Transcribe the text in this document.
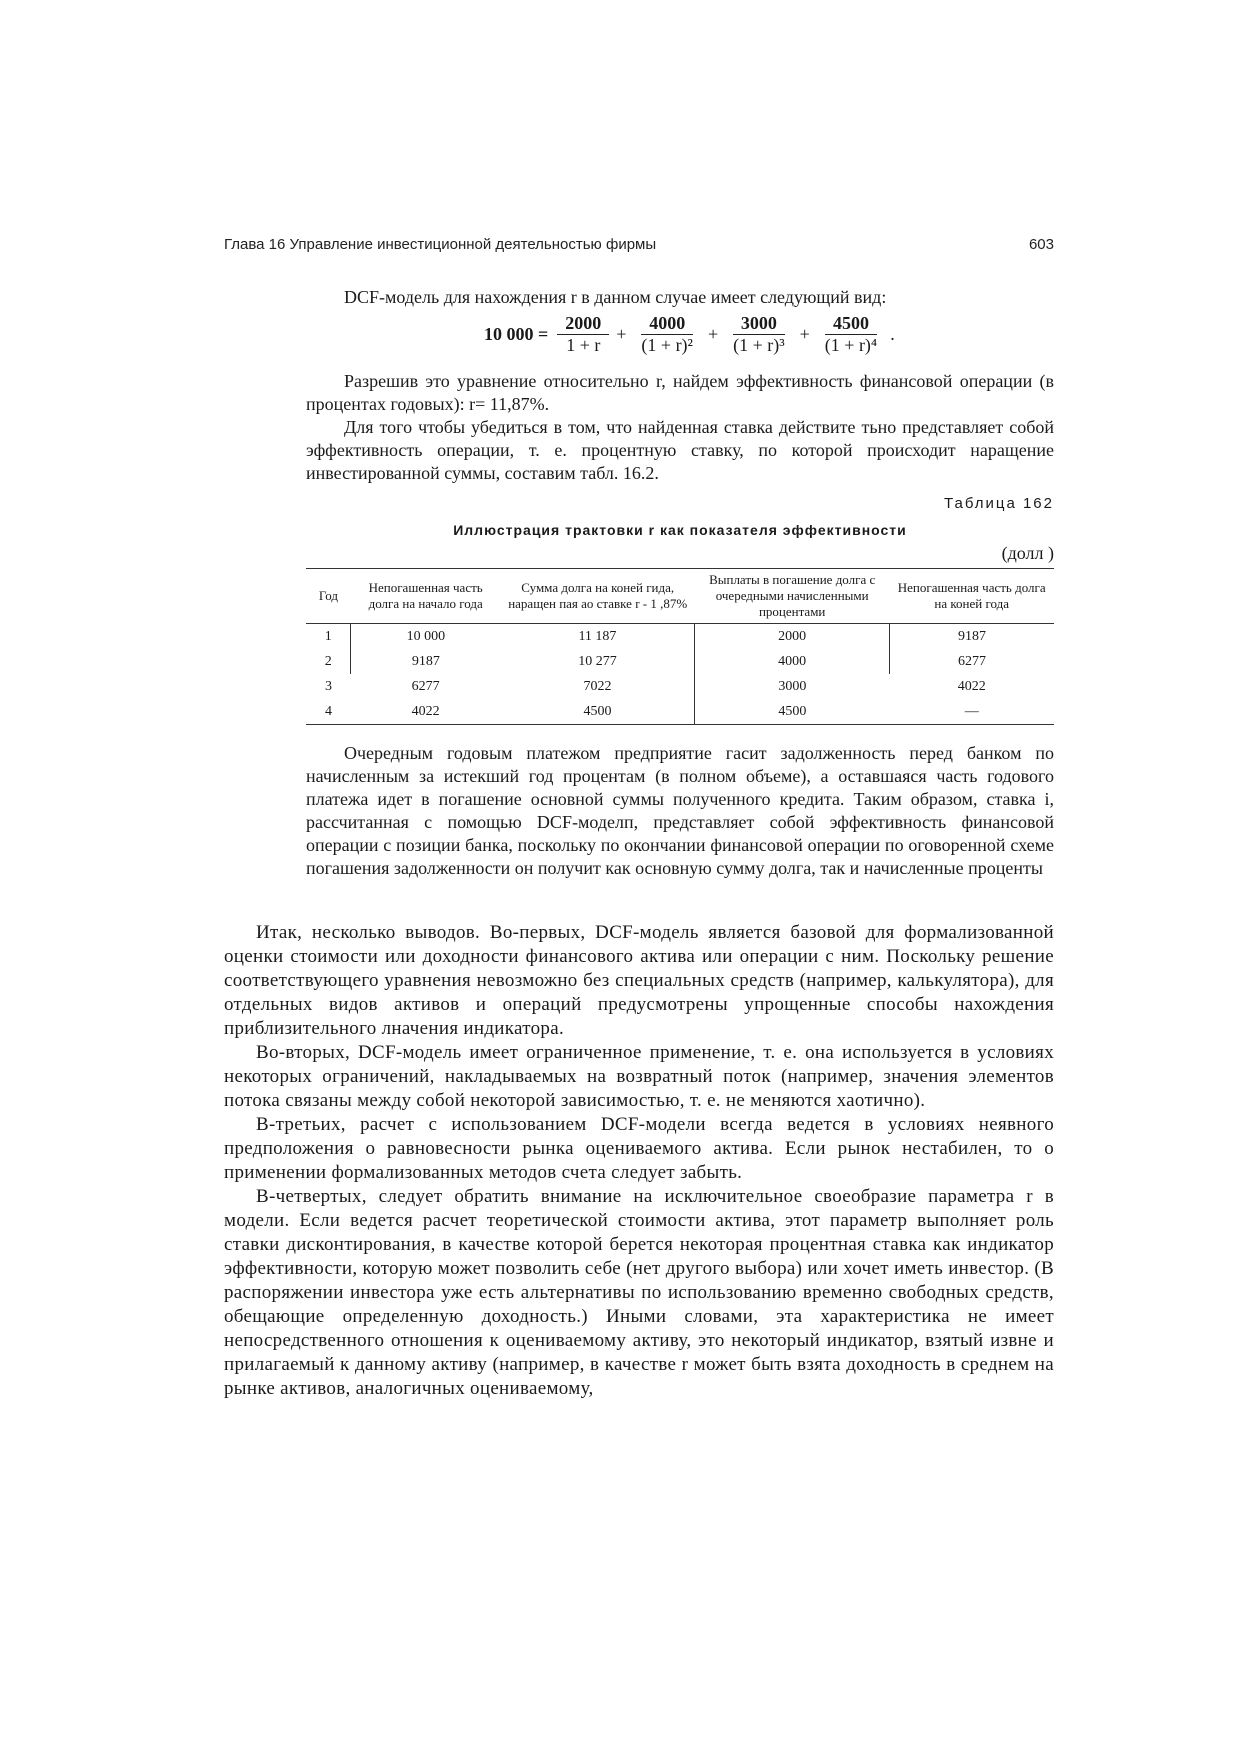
Глава 16 Управление инвестиционной деятельностью фирмы	603

DCF-модель для нахождения r в данном случае имеет следующий вид:

10 $000 = \frac{2000}{1 + r} + \frac{4000}{\text{(1 + r)²}} + \frac{3000}{\text{(1 + r)³}} + \frac{4500}{\text{(1 + r)⁴}}$ .

Разрешив это уравнение относительно r, найдем эффективность финансовой операции (в процентах годовых): r= 11,87%.

Для того чтобы убедиться в том, что найденная ставка действите тьно представляет собой эффективность операции, т. е. процентную ставку, по которой происходит наращение инвестированной суммы, составим табл. 16.2.

Таблица 162
Иллюстрация трактовки r как показателя эффективности
(долл )
Год	Непогашенная часть долга на начало года	Сумма долга на коней гида, наращен пая ao ставке r - 1 ,87%	Выплаты в погашение долга с очередными начисленными процентами	Непогашенная часть долга на коней года
1	10 000	11 187	2000	9187
2	9187	10 277	4000	6277
3	6277	7022	3000	4022
4	4022	4500	4500	—

Очередным годовым платежом предприятие гасит задолженность перед банком по начисленным за истекший год процентам (в полном объеме), а оставшаяся часть годового платежа идет в погашение основной суммы полученного кредита. Таким образом, ставка i, рассчитанная с помощью DCF-моделп, представляет собой эффективность финансовой операции с позиции банка, поскольку по окончании финансовой операции по оговоренной схеме погашения задолженности он получит как основную сумму долга, так и начисленные проценты

Итак, несколько выводов. Во-первых, DCF-модель является базовой для формализованной оценки стоимости или доходности финансового актива или операции с ним. Поскольку решение соответствующего уравнения невозможно без специальных средств (например, калькулятора), для отдельных видов активов и операций предусмотрены упрощенные способы нахождения приблизительного лначения индикатора.

Во-вторых, DCF-модель имеет ограниченное применение, т. е. она используется в условиях некоторых ограничений, накладываемых на возвратный поток (например, значения элементов потока связаны между собой некоторой зависимостью, т. е. не меняются хаотично).

В-третьих, расчет с использованием DCF-модели всегда ведется в условиях неявного предположения о равновесности рынка оцениваемого актива. Если рынок нестабилен, то о применении формализованных методов счета следует забыть.

В-четвертых, следует обратить внимание на исключительное своеобразие параметра r в модели. Если ведется расчет теоретической стоимости актива, этот параметр выполняет роль ставки дисконтирования, в качестве которой берется некоторая процентная ставка как индикатор эффективности, которую может позволить себе (нет другого выбора) или хочет иметь инвестор. (В распоряжении инвестора уже есть альтернативы по использованию временно свободных средств, обещающие определенную доходность.) Иными словами, эта характеристика не имеет непосредственного отношения к оцениваемому активу, это некоторый индикатор, взятый извне и прилагаемый к данному активу (например, в качестве r может быть взята доходность в среднем на рынке активов, аналогичных оцениваемому,
